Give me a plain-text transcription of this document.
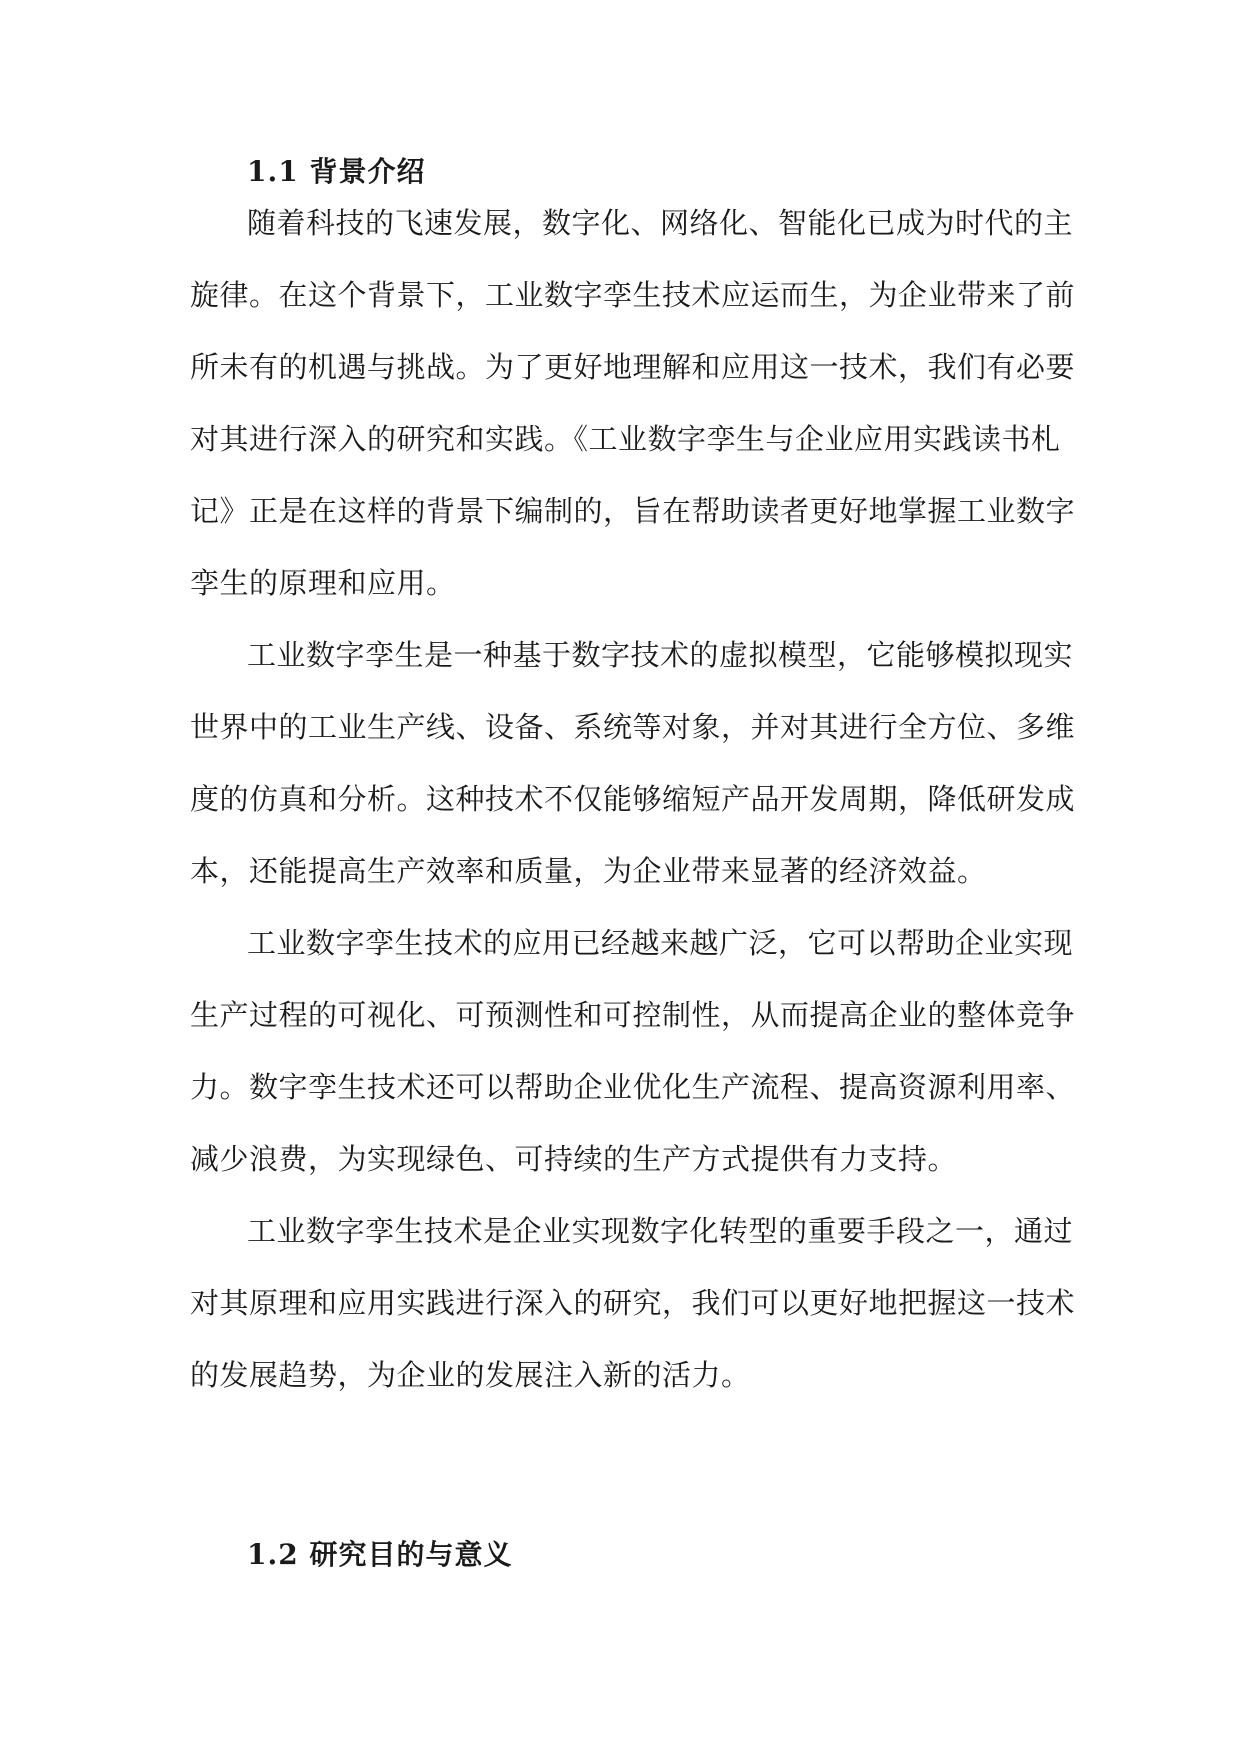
1.1 背景介绍
随着科技的飞速发展，数字化、网络化、智能化已成为时代的主
旋律。在这个背景下，工业数字孪生技术应运而生，为企业带来了前
所未有的机遇与挑战。为了更好地理解和应用这一技术，我们有必要
对其进行深入的研究和实践。《工业数字孪生与企业应用实践读书札
记》正是在这样的背景下编制的，旨在帮助读者更好地掌握工业数字
孪生的原理和应用。
工业数字孪生是一种基于数字技术的虚拟模型，它能够模拟现实
世界中的工业生产线、设备、系统等对象，并对其进行全方位、多维
度的仿真和分析。这种技术不仅能够缩短产品开发周期，降低研发成
本，还能提高生产效率和质量，为企业带来显著的经济效益。
工业数字孪生技术的应用已经越来越广泛，它可以帮助企业实现
生产过程的可视化、可预测性和可控制性，从而提高企业的整体竞争
力。数字孪生技术还可以帮助企业优化生产流程、提高资源利用率、
减少浪费，为实现绿色、可持续的生产方式提供有力支持。
工业数字孪生技术是企业实现数字化转型的重要手段之一，通过
对其原理和应用实践进行深入的研究，我们可以更好地把握这一技术
的发展趋势，为企业的发展注入新的活力。
1.2 研究目的与意义
